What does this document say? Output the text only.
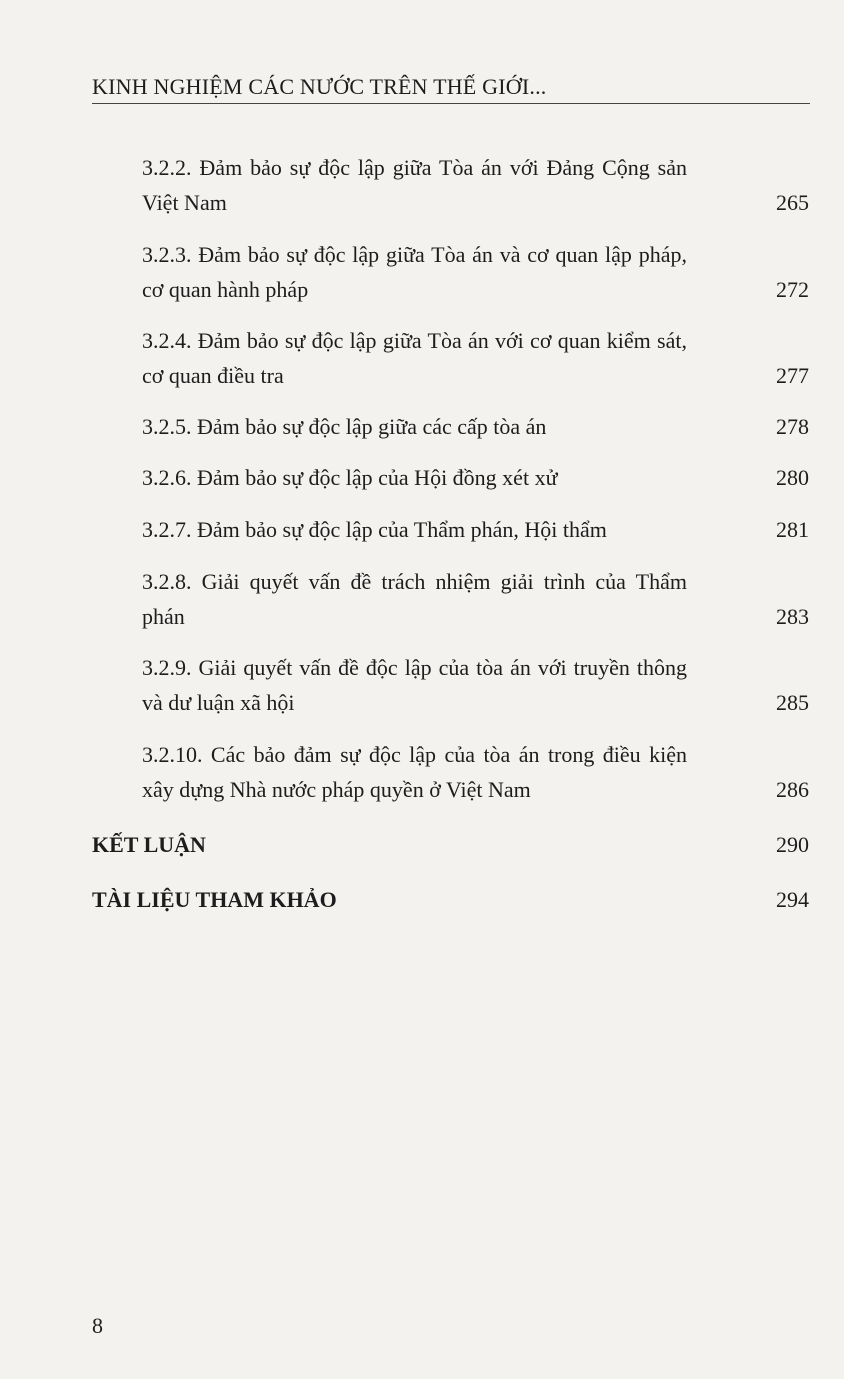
KINH NGHIỆM CÁC NƯỚC TRÊN THẾ GIỚI...
3.2.2. Đảm bảo sự độc lập giữa Tòa án với Đảng Cộng sản Việt Nam	265
3.2.3. Đảm bảo sự độc lập giữa Tòa án và cơ quan lập pháp, cơ quan hành pháp	272
3.2.4. Đảm bảo sự độc lập giữa Tòa án với cơ quan kiểm sát, cơ quan điều tra	277
3.2.5. Đảm bảo sự độc lập giữa các cấp tòa án	278
3.2.6. Đảm bảo sự độc lập của Hội đồng xét xử	280
3.2.7. Đảm bảo sự độc lập của Thẩm phán, Hội thẩm	281
3.2.8. Giải quyết vấn đề trách nhiệm giải trình của Thẩm phán	283
3.2.9. Giải quyết vấn đề độc lập của tòa án với truyền thông và dư luận xã hội	285
3.2.10. Các bảo đảm sự độc lập của tòa án trong điều kiện xây dựng Nhà nước pháp quyền ở Việt Nam	286
KẾT LUẬN	290
TÀI LIỆU THAM KHẢO	294
8
